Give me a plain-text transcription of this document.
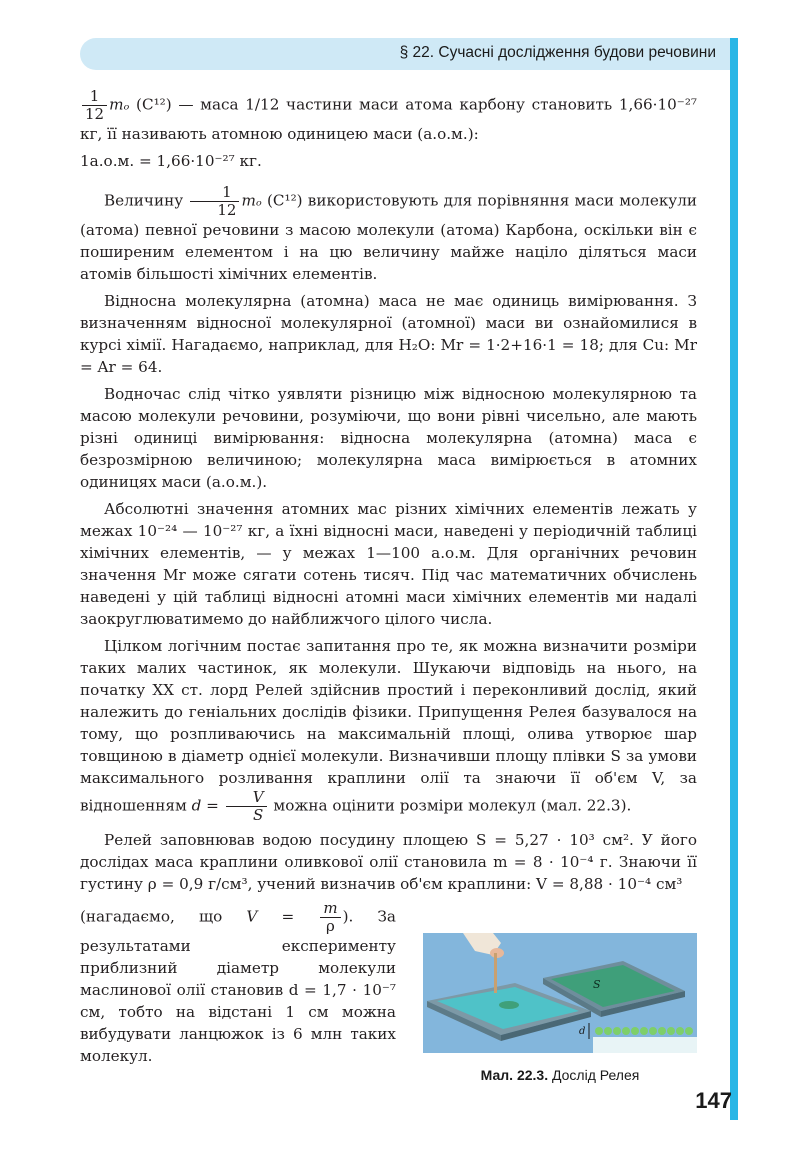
§ 22. Сучасні дослідження будови речовини

$\frac{1}{12}$ mₒ (C¹²) — маса 1/12 частини маси атома карбону становить 1,66·10⁻²⁷ кг, її називають атомною одиницею маси (а.о.м.):

1а.о.м. = 1,66·10⁻²⁷ кг.

Величину $\frac{1}{12}$ mₒ (C¹²) використовують для порівняння маси молекули (атома) певної речовини з масою молекули (атома) Карбона, оскільки він є поширеним елементом і на цю величину майже націло діляться маси атомів більшості хімічних елементів.

Відносна молекулярна (атомна) маса не має одиниць вимірювання. З визначенням відносної молекулярної (атомної) маси ви ознайомилися в курсі хімії. Нагадаємо, наприклад, для H₂O: Mr = 1·2+16·1 = 18; для Cu: Mr = Ar = 64.

Водночас слід чітко уявляти різницю між відносною молекулярною та масою молекули речовини, розуміючи, що вони рівні чисельно, але мають різні одиниці вимірювання: відносна молекулярна (атомна) маса є безрозмірною величиною; молекулярна маса вимірюється в атомних одиницях маси (а.о.м.).

Абсолютні значення атомних мас різних хімічних елементів лежать у межах 10⁻²⁴ — 10⁻²⁷ кг, а їхні відносні маси, наведені у періодичній таблиці хімічних елементів, — у межах 1—100 а.о.м. Для органічних речовин значення Mr може сягати сотень тисяч. Під час математичних обчислень наведені у цій таблиці відносні атомні маси хімічних елементів ми надалі заокруглюватимемо до найближчого цілого числа.

Цілком логічним постає запитання про те, як можна визначити розміри таких малих частинок, як молекули. Шукаючи відповідь на нього, на початку XX ст. лорд Релей здійснив простий і переконливий дослід, який належить до геніальних дослідів фізики. Припущення Релея базувалося на тому, що розпливаючись на максимальній площі, олива утворює шар товщиною в діаметр однієї молекули. Визначивши площу плівки S за умови максимального розливання краплини олії та знаючи її об'єм V, за відношенням $d = \frac{V}{S}$ можна оцінити розміри молекул (мал. 22.3).

Релей заповнював водою посудину площею S = 5,27 · 10³ см². У його дослідах маса краплини оливкової олії становила m = 8 · 10⁻⁴ г. Знаючи її густину ρ = 0,9 г/см³, учений визначив об'єм краплини: V = 8,88 · 10⁻⁴ см³

(нагадаємо, що $V = \frac{m}{\rho}$ ). За результатами експерименту приблизний діаметр молекули маслинової олії становив d = 1,7 · 10⁻⁷ см, тобто на відстані 1 см можна вибудувати ланцюжок із 6 млн таких молекул.

S
d
Мал. 22.3. Дослід Релея
147
